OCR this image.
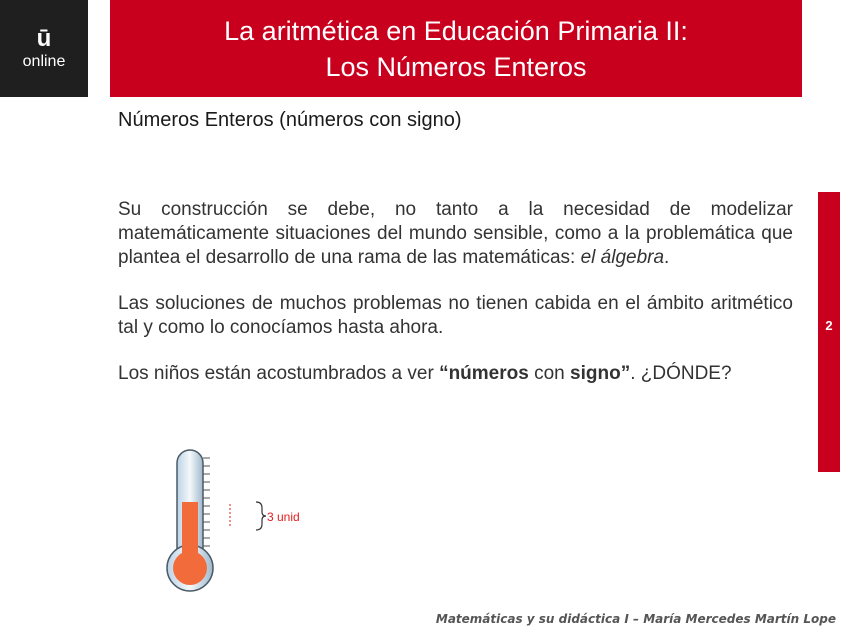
ū
online
La aritmética en Educación Primaria II:
Los Números Enteros
Números Enteros (números con signo)

Su construcción se debe, no tanto a la necesidad de modelizar matemáticamente situaciones del mundo sensible, como a la problemática que plantea el desarrollo de una rama de las matemáticas: el álgebra.

Las soluciones de muchos problemas no tienen cabida en el ámbito aritmético tal y como lo conocíamos hasta ahora.

Los niños están acostumbrados a ver “números con signo”. ¿DÓNDE?

2
3 unid
Matemáticas y su didáctica I – María Mercedes Martín Lope
